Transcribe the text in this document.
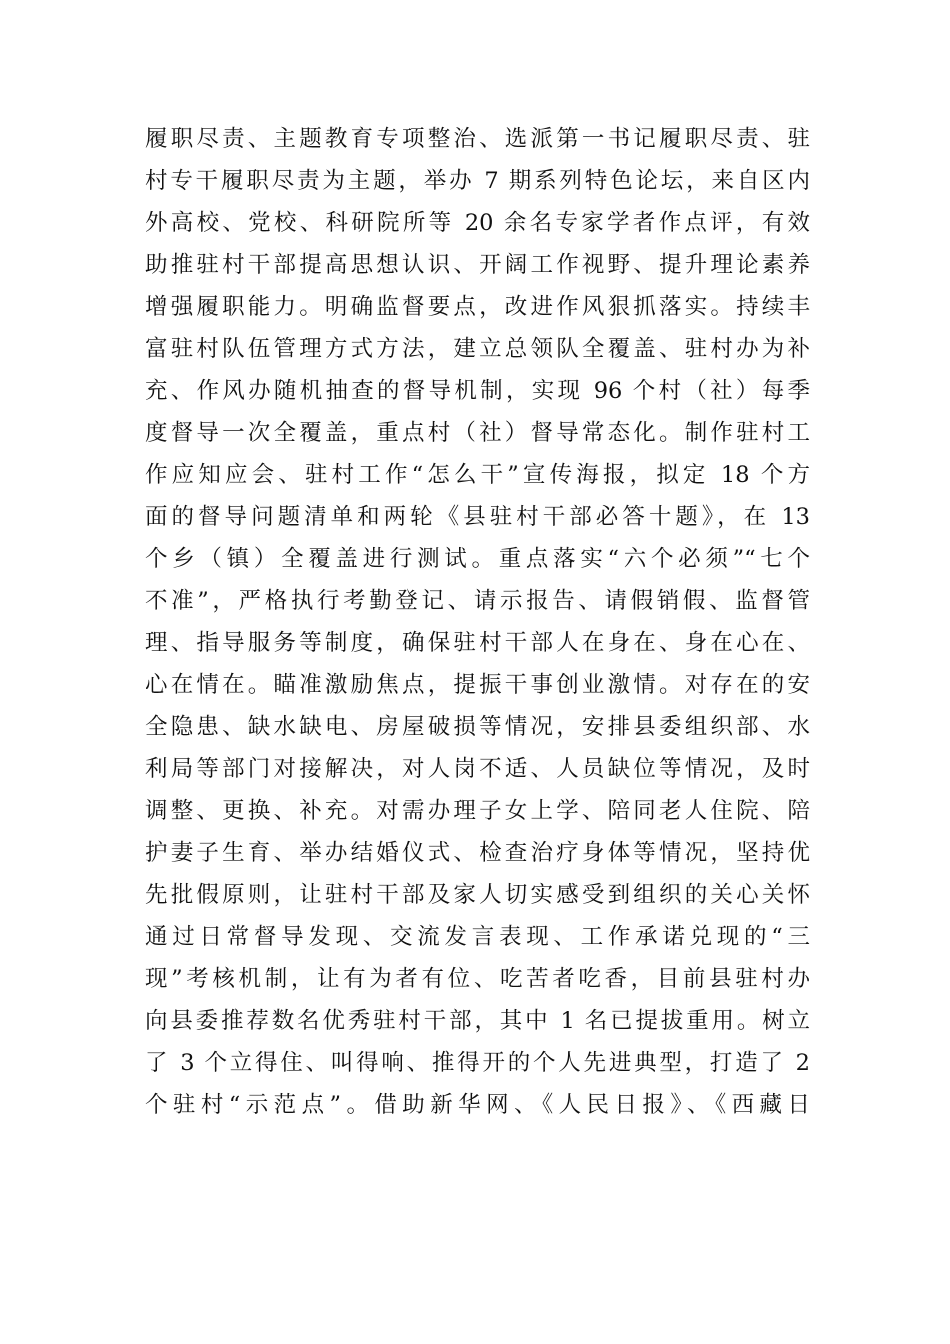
履职尽责、主题教育专项整治、选派第一书记履职尽责、驻
村专干履职尽责为主题，举办 7 期系列特色论坛，来自区内
外高校、党校、科研院所等 20 余名专家学者作点评，有效
助推驻村干部提高思想认识、开阔工作视野、提升理论素养
增强履职能力。明确监督要点，改进作风狠抓落实。持续丰
富驻村队伍管理方式方法，建立总领队全覆盖、驻村办为补
充、作风办随机抽查的督导机制，实现 96 个村（社）每季
度督导一次全覆盖，重点村（社）督导常态化。制作驻村工
作应知应会、驻村工作“怎么干”宣传海报，拟定 18 个方
面的督导问题清单和两轮《县驻村干部必答十题》，在 13
个乡（镇）全覆盖进行测试。重点落实“六个必须”“七个
不准”，严格执行考勤登记、请示报告、请假销假、监督管
理、指导服务等制度，确保驻村干部人在身在、身在心在、
心在情在。瞄准激励焦点，提振干事创业激情。对存在的安
全隐患、缺水缺电、房屋破损等情况，安排县委组织部、水
利局等部门对接解决，对人岗不适、人员缺位等情况，及时
调整、更换、补充。对需办理子女上学、陪同老人住院、陪
护妻子生育、举办结婚仪式、检查治疗身体等情况，坚持优
先批假原则，让驻村干部及家人切实感受到组织的关心关怀
通过日常督导发现、交流发言表现、工作承诺兑现的“三
现”考核机制，让有为者有位、吃苦者吃香，目前县驻村办
向县委推荐数名优秀驻村干部，其中 1 名已提拔重用。树立
了 3 个立得住、叫得响、推得开的个人先进典型，打造了 2
个驻村“示范点”。借助新华网、《人民日报》、《西藏日
